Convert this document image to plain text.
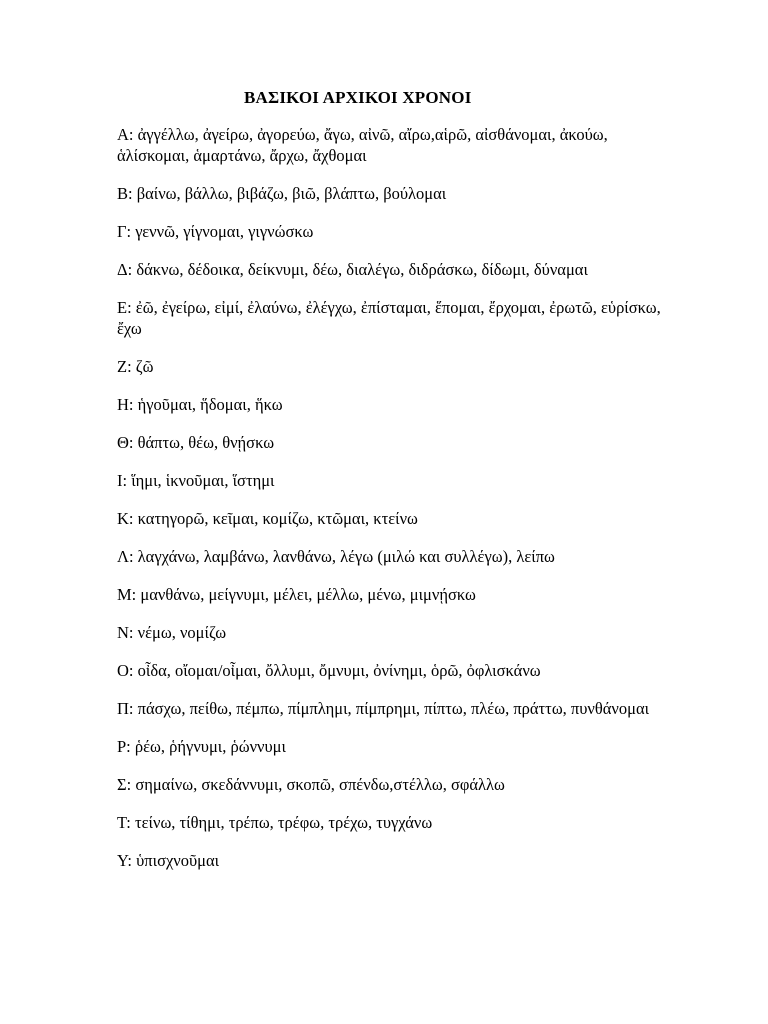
ΒΑΣΙΚΟΙ ΑΡΧΙΚΟΙ ΧΡΟΝΟΙ

Α: ἀγγέλλω, ἀγείρω, ἀγορεύω, ἄγω, αἰνῶ, αἴρω,αἱρῶ, αἰσθάνομαι, ἀκούω, ἁλίσκομαι, ἁμαρτάνω, ἄρχω, ἄχθομαι

Β: βαίνω, βάλλω, βιβάζω, βιῶ, βλάπτω, βούλομαι

Γ: γεννῶ, γίγνομαι, γιγνώσκω

Δ: δάκνω, δέδοικα, δείκνυμι, δέω, διαλέγω, διδράσκω, δίδωμι, δύναμαι

Ε: ἐῶ, ἐγείρω, εἰμί, ἐλαύνω, ἐλέγχω, ἐπίσταμαι, ἕπομαι, ἔρχομαι, ἐρωτῶ, εὑρίσκω, ἔχω

Ζ: ζῶ

Η: ἡγοῦμαι, ἥδομαι, ἥκω

Θ: θάπτω, θέω, θνῄσκω

Ι: ἵημι, ἱκνοῦμαι, ἵστημι

Κ: κατηγορῶ, κεῖμαι, κομίζω, κτῶμαι, κτείνω

Λ: λαγχάνω, λαμβάνω, λανθάνω, λέγω (μιλώ και συλλέγω), λείπω

Μ: μανθάνω, μείγνυμι, μέλει, μέλλω, μένω, μιμνῄσκω

Ν: νέμω, νομίζω

Ο: οἶδα, οἴομαι/οἶμαι, ὄλλυμι, ὄμνυμι, ὀνίνημι, ὁρῶ, ὀφλισκάνω

Π: πάσχω, πείθω, πέμπω, πίμπλημι, πίμπρημι, πίπτω, πλέω, πράττω, πυνθάνομαι

Ρ: ῥέω, ῥήγνυμι, ῥώννυμι

Σ: σημαίνω, σκεδάννυμι, σκοπῶ, σπένδω,στέλλω, σφάλλω

Τ: τείνω, τίθημι, τρέπω, τρέφω, τρέχω, τυγχάνω

Υ: ὑπισχνοῦμαι
